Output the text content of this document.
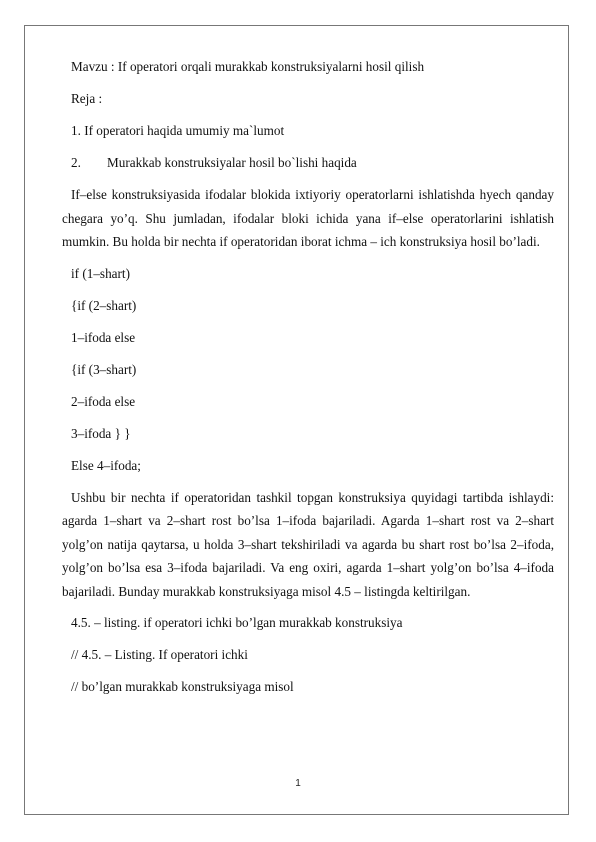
Mavzu : If operatori orqali murakkab konstruksiyalarni hosil qilish
Reja :
1. If operatori haqida umumiy ma`lumot
2. Murakkab konstruksiyalar hosil bo`lishi haqida

If–else konstruksiyasida ifodalar blokida ixtiyoriy operatorlarni ishlatishda hyech qanday chegara yo’q. Shu jumladan, ifodalar bloki ichida yana if–else operatorlarini ishlatish mumkin. Bu holda bir nechta if operatoridan iborat ichma – ich konstruksiya hosil bo’ladi.

if (1–shart)
{if (2–shart)
1–ifoda else
{if (3–shart)
2–ifoda else
3–ifoda } }
Else 4–ifoda;

Ushbu bir nechta if operatoridan tashkil topgan konstruksiya quyidagi tartibda ishlaydi: agarda 1–shart va 2–shart rost bo’lsa 1–ifoda bajariladi. Agarda 1–shart rost va 2–shart yolg’on natija qaytarsa, u holda 3–shart tekshiriladi va agarda bu shart rost bo’lsa 2–ifoda, yolg’on bo’lsa esa 3–ifoda bajariladi. Va eng oxiri, agarda 1–shart yolg’on bo’lsa 4–ifoda bajariladi. Bunday murakkab konstruksiyaga misol 4.5 – listingda keltirilgan.

4.5. – listing. if operatori ichki bo’lgan murakkab konstruksiya
// 4.5. – Listing. If operatori ichki
// bo’lgan murakkab konstruksiyaga misol
1
